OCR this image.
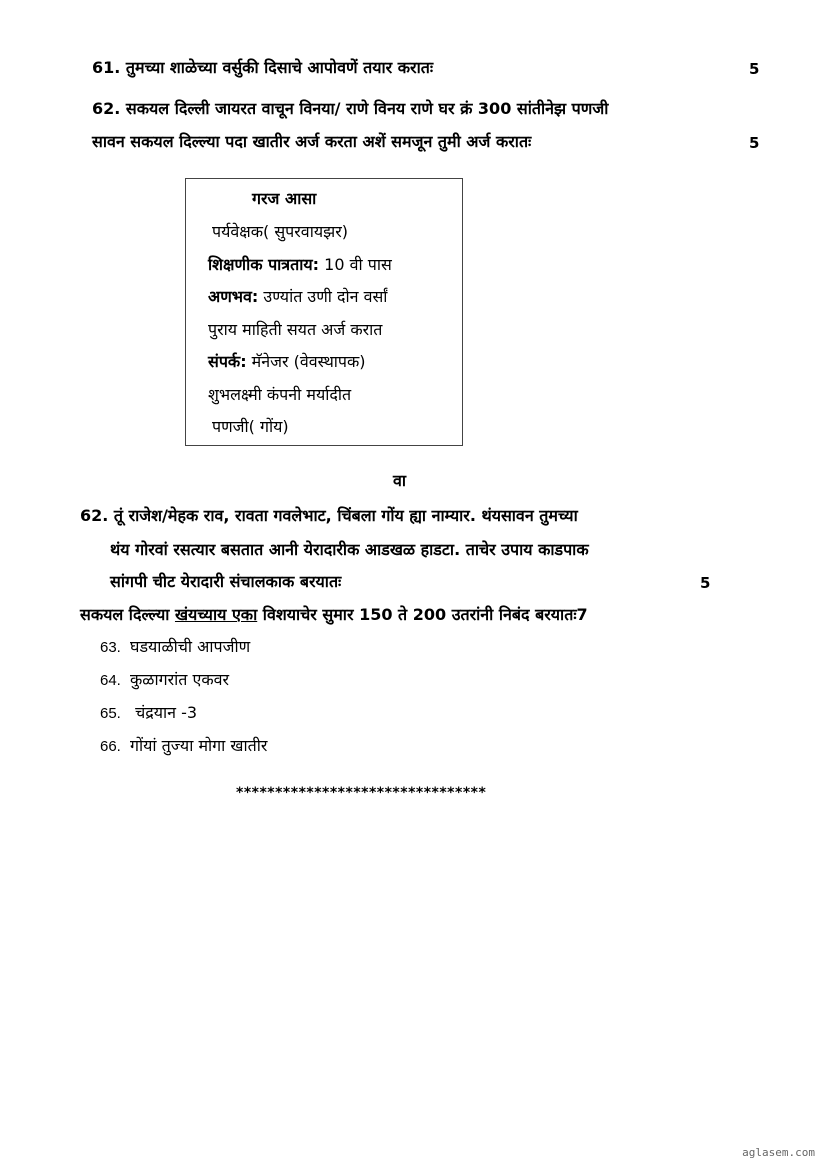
61. तुमच्या शाळेच्या वर्सुकी दिसाचे आपोवणें तयार करातः	5
62. सकयल दिल्ली जायरत वाचून विनया/ राणे विनय राणे घर क्रं 300 सांतीनेझ पणजी
सावन सकयल दिल्ल्या पदा खातीर अर्ज करता अशें समजून तुमी अर्ज करातः	5
गरज आसा
पर्यवेक्षक( सुपरवायझर)
शिक्षणीक पात्रताय: 10 वी पास
अणभव: उण्यांत उणी दोन वर्सां
पुराय माहिती सयत अर्ज करात
संपर्क: मॅनेजर (वेवस्थापक)
शुभलक्ष्मी कंपनी मर्यादीत
पणजी( गोंय)
वा
62. तूं राजेश/मेहक राव, रावता गवलेभाट, चिंबला गोंय ह्या नाम्यार. थंयसावन तुमच्या
थंय गोरवां रसत्यार बसतात आनी येरादारीक आडखळ हाडटा. ताचेर उपाय काडपाक
सांगपी चीट येरादारी संचालकाक बरयातः	5
सकयल दिल्ल्या खंयच्याय एका विशयाचेर सुमार 150 ते 200 उतरांनी निबंद बरयातः7
63. घडयाळीची आपजीण
64. कुळागरांत एकवर
65. चंद्रयान -3
66. गोंयां तुज्या मोगा खातीर
********************************
aglasem.com
